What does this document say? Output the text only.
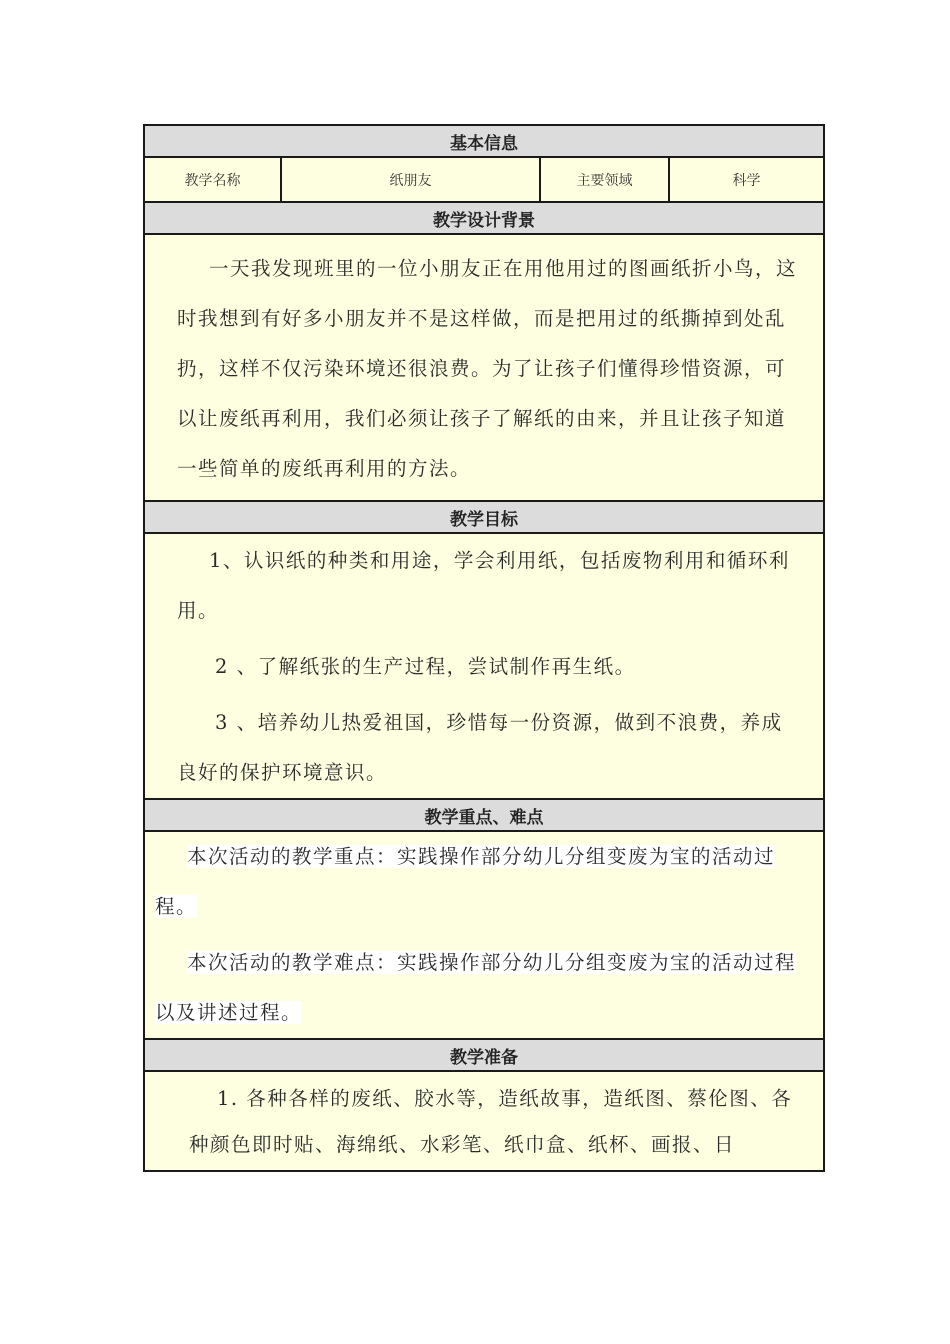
基本信息
教学名称	纸朋友	主要领域	科学
教学设计背景

一天我发现班里的一位小朋友正在用他用过的图画纸折小鸟，这时我想到有好多小朋友并不是这样做，而是把用过的纸撕掉到处乱扔，这样不仅污染环境还很浪费。为了让孩子们懂得珍惜资源，可以让废纸再利用，我们必须让孩子了解纸的由来，并且让孩子知道一些简单的废纸再利用的方法。

教学目标

1、认识纸的种类和用途，学会利用纸，包括废物利用和循环利用。

2 、了解纸张的生产过程，尝试制作再生纸。

3 、培养幼儿热爱祖国，珍惜每一份资源，做到不浪费，养成良好的保护环境意识。

教学重点、难点

本次活动的教学重点：实践操作部分幼儿分组变废为宝的活动过程。

本次活动的教学难点：实践操作部分幼儿分组变废为宝的活动过程以及讲述过程。

教学准备

1. 各种各样的废纸、胶水等，造纸故事，造纸图、蔡伦图、各种颜色即时贴、海绵纸、水彩笔、纸巾盒、纸杯、画报、日
